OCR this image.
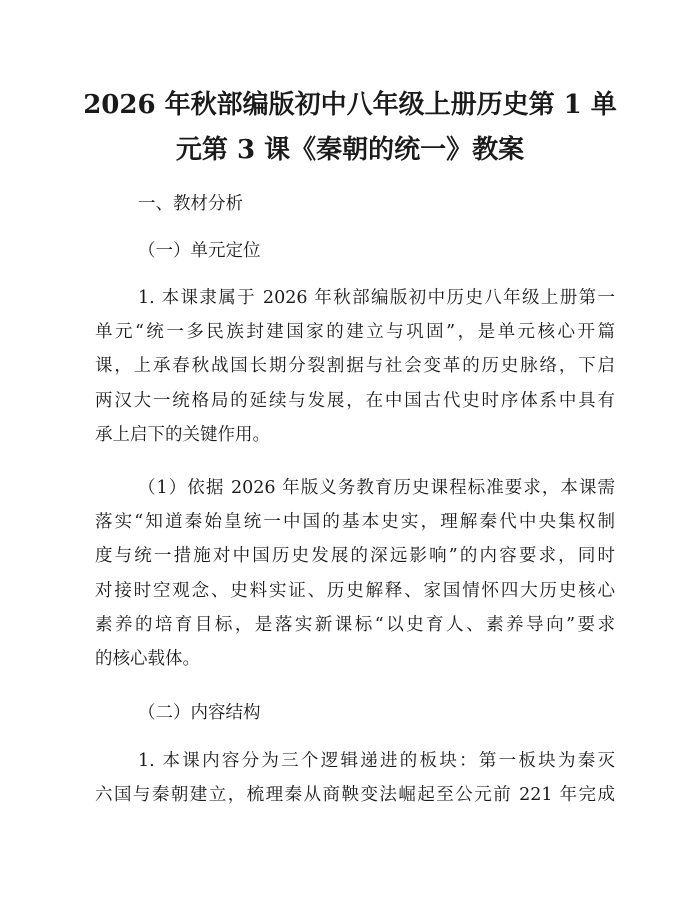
2026 年秋部编版初中八年级上册历史第 1 单
元第 3 课《秦朝的统一》教案
一、教材分析
（一）单元定位
1. 本课隶属于 2026 年秋部编版初中历史八年级上册第一
单元“统一多民族封建国家的建立与巩固”，是单元核心开篇
课，上承春秋战国长期分裂割据与社会变革的历史脉络，下启
两汉大一统格局的延续与发展，在中国古代史时序体系中具有
承上启下的关键作用。
（1）依据 2026 年版义务教育历史课程标准要求，本课需
落实“知道秦始皇统一中国的基本史实，理解秦代中央集权制
度与统一措施对中国历史发展的深远影响”的内容要求，同时
对接时空观念、史料实证、历史解释、家国情怀四大历史核心
素养的培育目标，是落实新课标“以史育人、素养导向”要求
的核心载体。
（二）内容结构
1. 本课内容分为三个逻辑递进的板块：第一板块为秦灭
六国与秦朝建立，梳理秦从商鞅变法崛起至公元前 221 年完成
